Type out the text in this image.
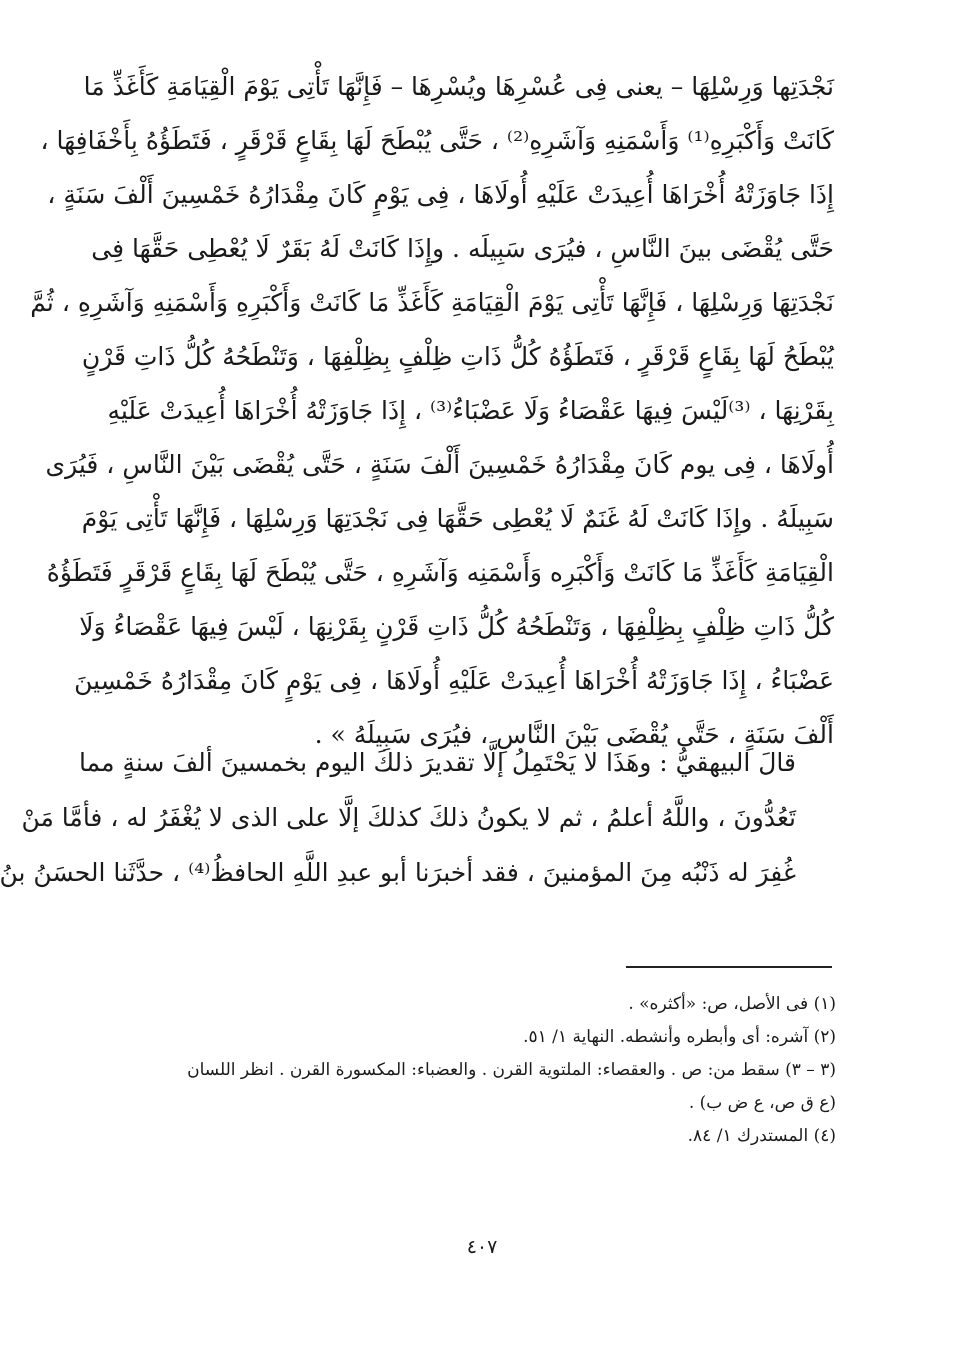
نَجْدَتِها وَرِسْلِهَا – يعنى فِى عُسْرِهَا ويُسْرِهَا – فَإِنَّهَا تَأْتِى يَوْمَ الْقِيَامَةِ كَأَغَذِّ مَا
كَانَتْ وَأَكْبَرِهِ⁽¹⁾ وَأَسْمَنِهِ وَآشَرِهِ⁽²⁾ ، حَتَّى يُبْطَحَ لَهَا بِقَاعٍ قَرْقَرٍ ، فَتَطَؤُهُ بِأَخْفَافِهَا ،
إِذَا جَاوَزَتْهُ أُخْرَاهَا أُعِيدَتْ عَلَيْهِ أُولَاهَا ، فِى يَوْمٍ كَانَ مِقْدَارُهُ خَمْسِينَ أَلْفَ سَنَةٍ ،
حَتَّى يُقْضَى بينَ النَّاسِ ، فيُرَى سَبِيلَه . وإِذَا كَانَتْ لَهُ بَقَرٌ لَا يُعْطِى حَقَّهَا فِى
نَجْدَتِهَا وَرِسْلِهَا ، فَإِنَّهَا تَأْتِى يَوْمَ الْقِيَامَةِ كَأَغَذِّ مَا كَانَتْ وَأَكْبَرِهِ وَأَسْمَنِهِ وَآشَرِهِ ، ثُمَّ
يُبْطَحُ لَهَا بِقَاعٍ قَرْقَرٍ ، فَتَطَؤُهُ كُلُّ ذَاتِ ظِلْفٍ بِظِلْفِهَا ، وَتَنْطَحُهُ كُلُّ ذَاتِ قَرْنٍ
بِقَرْنِهَا ، ⁽³⁾لَيْسَ فِيهَا عَقْصَاءُ وَلَا عَضْبَاءُ⁽³⁾ ، إِذَا جَاوَزَتْهُ أُخْرَاهَا أُعِيدَتْ عَلَيْهِ
أُولَاهَا ، فِى يوم كَانَ مِقْدَارُهُ خَمْسِينَ أَلْفَ سَنَةٍ ، حَتَّى يُقْضَى بَيْنَ النَّاسِ ، فَيُرَى
سَبِيلَهُ . وإِذَا كَانَتْ لَهُ غَنَمٌ لَا يُعْطِى حَقَّهَا فِى نَجْدَتِهَا وَرِسْلِهَا ، فَإِنَّهَا تَأْتِى يَوْمَ
الْقِيَامَةِ كَأَغَذِّ مَا كَانَتْ وَأَكْبَرِه وَأَسْمَنِه وَآشَرِهِ ، حَتَّى يُبْطَحَ لَهَا بِقَاعٍ قَرْقَرٍ فَتَطَؤُهُ
كُلُّ ذَاتِ ظِلْفٍ بِظِلْفِهَا ، وَتَنْطَحُهُ كُلُّ ذَاتِ قَرْنٍ بِقَرْنِهَا ، لَيْسَ فِيهَا عَقْصَاءُ وَلَا
عَضْبَاءُ ، إِذَا جَاوَزَتْهُ أُخْرَاهَا أُعِيدَتْ عَلَيْهِ أُولَاهَا ، فِى يَوْمٍ كَانَ مِقْدَارُهُ خَمْسِينَ
أَلْفَ سَنَةٍ ، حَتَّى يُقْضَى بَيْنَ النَّاسِ ، فيُرَى سَبِيلَهُ » .
قالَ البيهقيُّ : وهَذَا لا يَحْتَمِلُ إلَّا تقديرَ ذلكَ اليوم بخمسينَ ألفَ سنةٍ مما
تَعُدُّونَ ، واللَّهُ أعلمُ ، ثم لا يكونُ ذلكَ كذلكَ إلَّا على الذى لا يُغْفَرُ له ، فأمَّا مَنْ
غُفِرَ له ذَنْبُه مِنَ المؤمنينَ ، فقد أخبرَنا أبو عبدِ اللَّهِ الحافظُ⁽⁴⁾ ، حدَّثَنا الحسَنُ بنُ
(١) فى الأصل، ص: «أكثره» .
(٢) آشره: أى وأبطره وأنشطه. النهاية ١/ ٥١.
(٣ – ٣) سقط من: ص . والعقصاء: الملتوية القرن . والعضباء: المكسورة القرن . انظر اللسان
(ع ق ص، ع ض ب) .
(٤) المستدرك ١/ ٨٤.
٤٠٧
